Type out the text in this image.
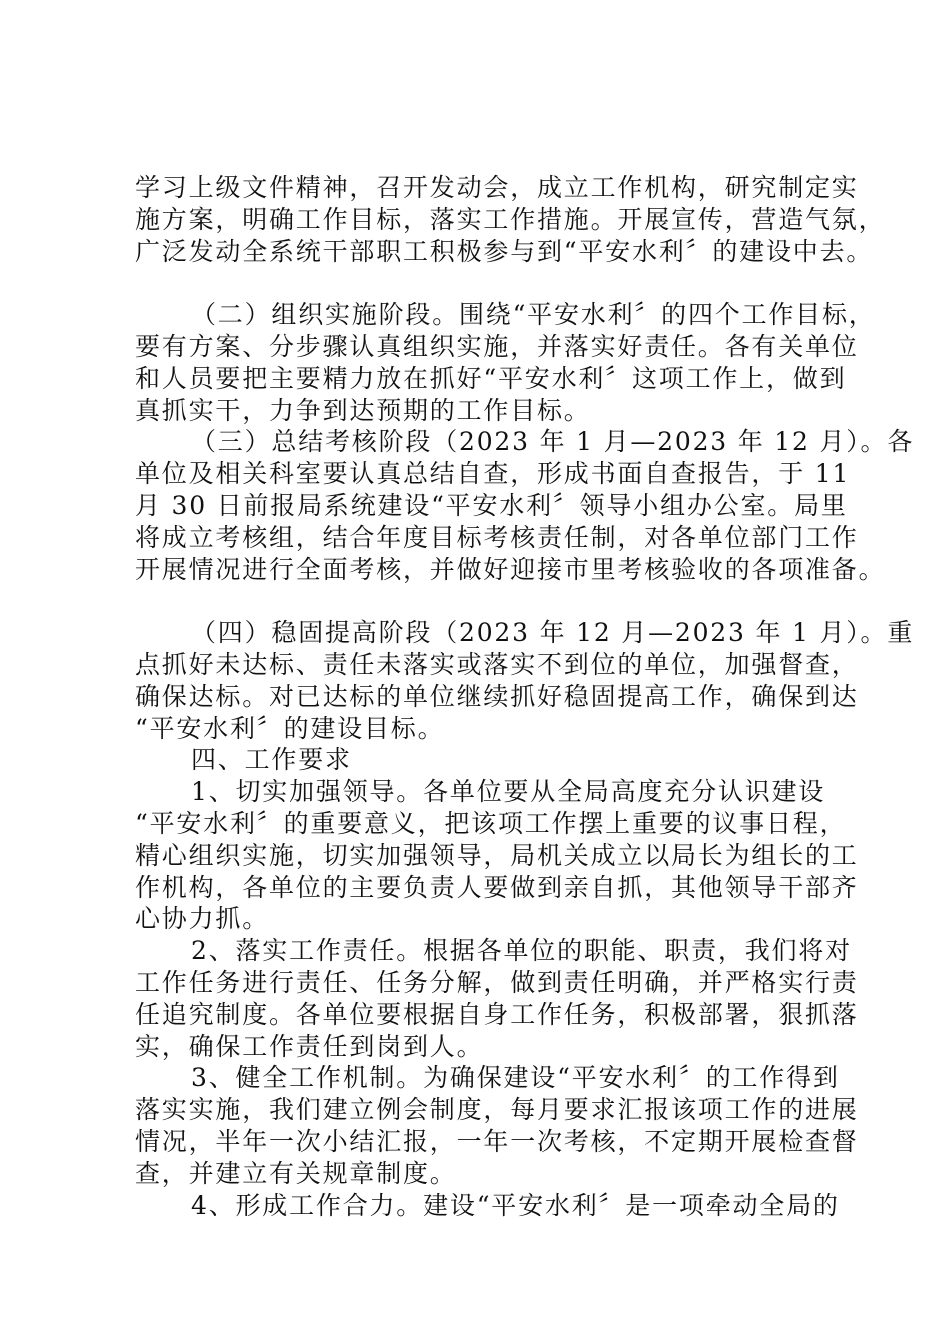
学习上级文件精神，召开发动会，成立工作机构，研究制定实
施方案，明确工作目标，落实工作措施。开展宣传，营造气氛，
广泛发动全系统干部职工积极参与到“平安水利〞的建设中去。
（二）组织实施阶段。围绕“平安水利〞的四个工作目标，
要有方案、分步骤认真组织实施，并落实好责任。各有关单位
和人员要把主要精力放在抓好“平安水利〞这项工作上，做到
真抓实干，力争到达预期的工作目标。
（三）总结考核阶段（2023 年 1 月—2023 年 12 月）。各
单位及相关科室要认真总结自查，形成书面自查报告，于 11
月 30 日前报局系统建设“平安水利〞领导小组办公室。局里
将成立考核组，结合年度目标考核责任制，对各单位部门工作
开展情况进行全面考核，并做好迎接市里考核验收的各项准备。
（四）稳固提高阶段（2023 年 12 月—2023 年 1 月）。重
点抓好未达标、责任未落实或落实不到位的单位，加强督查，
确保达标。对已达标的单位继续抓好稳固提高工作，确保到达
“平安水利〞的建设目标。
四、工作要求
1、切实加强领导。各单位要从全局高度充分认识建设
“平安水利〞的重要意义，把该项工作摆上重要的议事日程，
精心组织实施，切实加强领导，局机关成立以局长为组长的工
作机构，各单位的主要负责人要做到亲自抓，其他领导干部齐
心协力抓。
2、落实工作责任。根据各单位的职能、职责，我们将对
工作任务进行责任、任务分解，做到责任明确，并严格实行责
任追究制度。各单位要根据自身工作任务，积极部署，狠抓落
实，确保工作责任到岗到人。
3、健全工作机制。为确保建设“平安水利〞的工作得到
落实实施，我们建立例会制度，每月要求汇报该项工作的进展
情况，半年一次小结汇报，一年一次考核，不定期开展检查督
查，并建立有关规章制度。
4、形成工作合力。建设“平安水利〞是一项牵动全局的
